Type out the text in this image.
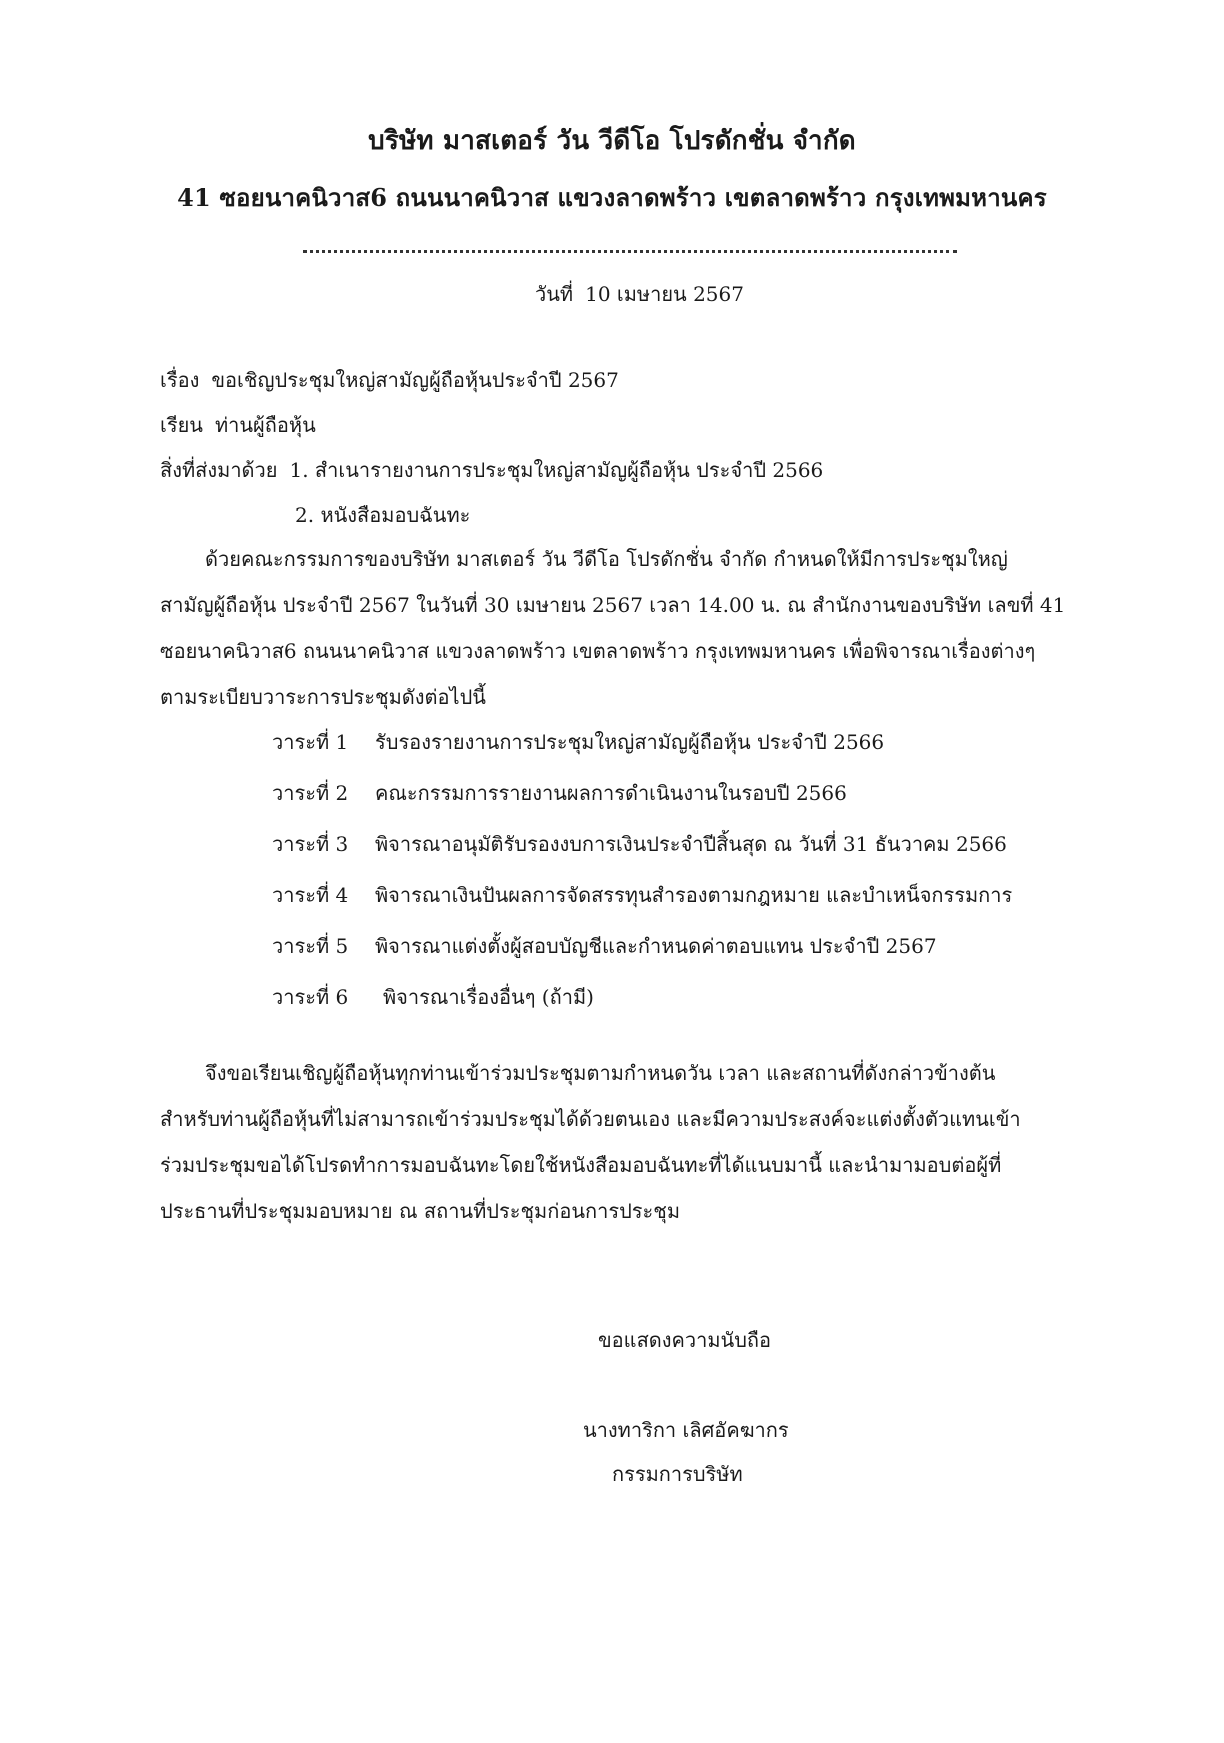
บริษัท มาสเตอร์ วัน วีดีโอ โปรดักชั่น จำกัด
41 ซอยนาคนิวาส6 ถนนนาคนิวาส แขวงลาดพร้าว เขตลาดพร้าว กรุงเทพมหานคร
วันที่ 10 เมษายน 2567
เรื่อง ขอเชิญประชุมใหญ่สามัญผู้ถือหุ้นประจำปี 2567
เรียน ท่านผู้ถือหุ้น
สิ่งที่ส่งมาด้วย 1. สำเนารายงานการประชุมใหญ่สามัญผู้ถือหุ้น ประจำปี 2566
2. หนังสือมอบฉันทะ
ด้วยคณะกรรมการของบริษัท มาสเตอร์ วัน วีดีโอ โปรดักชั่น จำกัด กำหนดให้มีการประชุมใหญ่
สามัญผู้ถือหุ้น ประจำปี 2567 ในวันที่ 30 เมษายน 2567 เวลา 14.00 น. ณ สำนักงานของบริษัท เลขที่ 41
ซอยนาคนิวาส6 ถนนนาคนิวาส แขวงลาดพร้าว เขตลาดพร้าว กรุงเทพมหานคร เพื่อพิจารณาเรื่องต่างๆ
ตามระเบียบวาระการประชุมดังต่อไปนี้
วาระที่ 1 รับรองรายงานการประชุมใหญ่สามัญผู้ถือหุ้น ประจำปี 2566
วาระที่ 2 คณะกรรมการรายงานผลการดำเนินงานในรอบปี 2566
วาระที่ 3 พิจารณาอนุมัติรับรองงบการเงินประจำปีสิ้นสุด ณ วันที่ 31 ธันวาคม 2566
วาระที่ 4 พิจารณาเงินปันผลการจัดสรรทุนสำรองตามกฎหมาย และบำเหน็จกรรมการ
วาระที่ 5 พิจารณาแต่งตั้งผู้สอบบัญชีและกำหนดค่าตอบแทน ประจำปี 2567
วาระที่ 6 พิจารณาเรื่องอื่นๆ (ถ้ามี)
จึงขอเรียนเชิญผู้ถือหุ้นทุกท่านเข้าร่วมประชุมตามกำหนดวัน เวลา และสถานที่ดังกล่าวข้างต้น
สำหรับท่านผู้ถือหุ้นที่ไม่สามารถเข้าร่วมประชุมได้ด้วยตนเอง และมีความประสงค์จะแต่งตั้งตัวแทนเข้า
ร่วมประชุมขอได้โปรดทำการมอบฉันทะโดยใช้หนังสือมอบฉันทะที่ได้แนบมานี้ และนำมามอบต่อผู้ที่
ประธานที่ประชุมมอบหมาย ณ สถานที่ประชุมก่อนการประชุม
ขอแสดงความนับถือ
นางทาริกา เลิศอัคฆากร
กรรมการบริษัท
